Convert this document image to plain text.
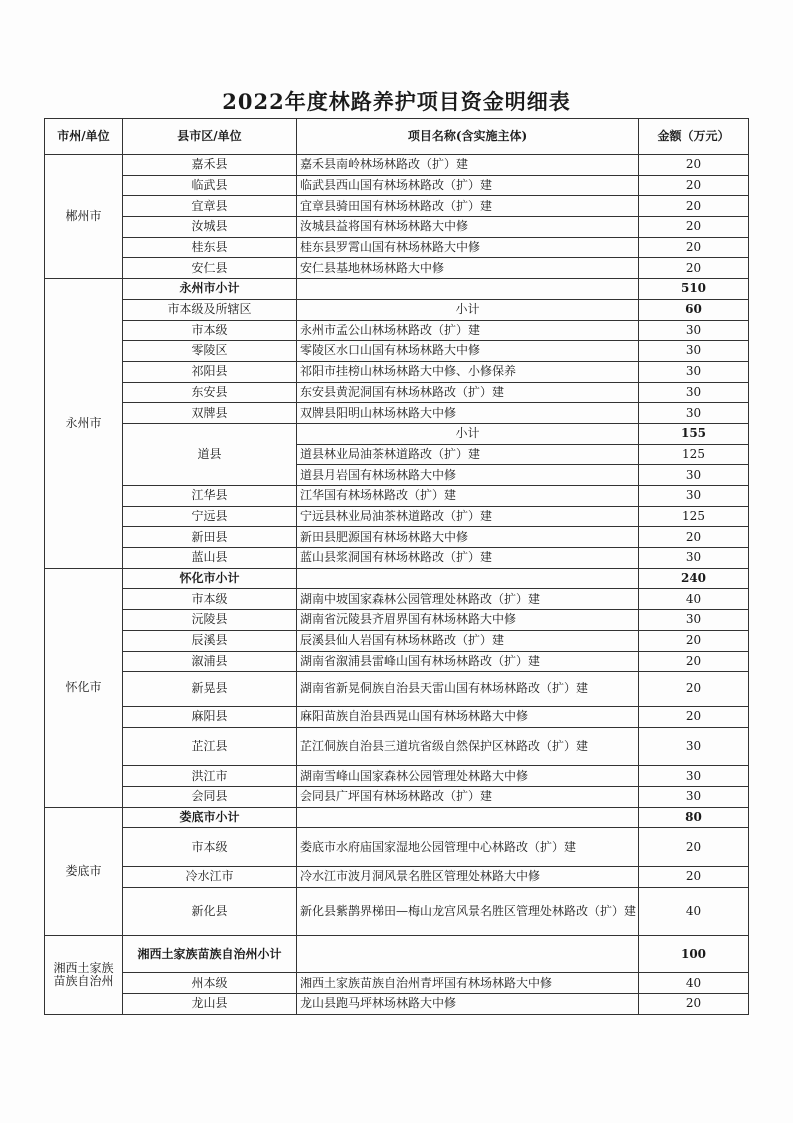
2022年度林路养护项目资金明细表
市州/单位	县市区/单位	项目名称(含实施主体)	金额（万元）
郴州市	嘉禾县	嘉禾县南岭林场林路改（扩）建	20
	临武县	临武县西山国有林场林路改（扩）建	20
	宜章县	宜章县骑田国有林场林路改（扩）建	20
	汝城县	汝城县益将国有林场林路大中修	20
	桂东县	桂东县罗霄山国有林场林路大中修	20
	安仁县	安仁县基地林场林路大中修	20
永州市	永州市小计		510
	市本级及所辖区	小计	60
	市本级	永州市孟公山林场林路改（扩）建	30
	零陵区	零陵区水口山国有林场林路大中修	30
	祁阳县	祁阳市挂榜山林场林路大中修、小修保养	30
	东安县	东安县黄泥洞国有林场林路改（扩）建	30
	双牌县	双牌县阳明山林场林路大中修	30
	道县	小计	155
		道县林业局油茶林道路改（扩）建	125
		道县月岩国有林场林路大中修	30
	江华县	江华国有林场林路改（扩）建	30
	宁远县	宁远县林业局油茶林道路改（扩）建	125
	新田县	新田县肥源国有林场林路大中修	20
	蓝山县	蓝山县浆洞国有林场林路改（扩）建	30
怀化市	怀化市小计		240
	市本级	湖南中坡国家森林公园管理处林路改（扩）建	40
	沅陵县	湖南省沅陵县齐眉界国有林场林路大中修	30
	辰溪县	辰溪县仙人岩国有林场林路改（扩）建	20
	溆浦县	湖南省溆浦县雷峰山国有林场林路改（扩）建	20
	新晃县	湖南省新晃侗族自治县天雷山国有林场林路改（扩）建	20
	麻阳县	麻阳苗族自治县西晃山国有林场林路大中修	20
	芷江县	芷江侗族自治县三道坑省级自然保护区林路改（扩）建	30
	洪江市	湖南雪峰山国家森林公园管理处林路大中修	30
	会同县	会同县广坪国有林场林路改（扩）建	30
娄底市	娄底市小计		80
	市本级	娄底市水府庙国家湿地公园管理中心林路改（扩）建	20
	冷水江市	冷水江市波月洞风景名胜区管理处林路大中修	20
	新化县	新化县紫鹊界梯田—梅山龙宫风景名胜区管理处林路改（扩）建	40
湘西土家族苗族自治州	湘西土家族苗族自治州小计		100
	州本级	湘西土家族苗族自治州青坪国有林场林路大中修	40
	龙山县	龙山县跑马坪林场林路大中修	20
